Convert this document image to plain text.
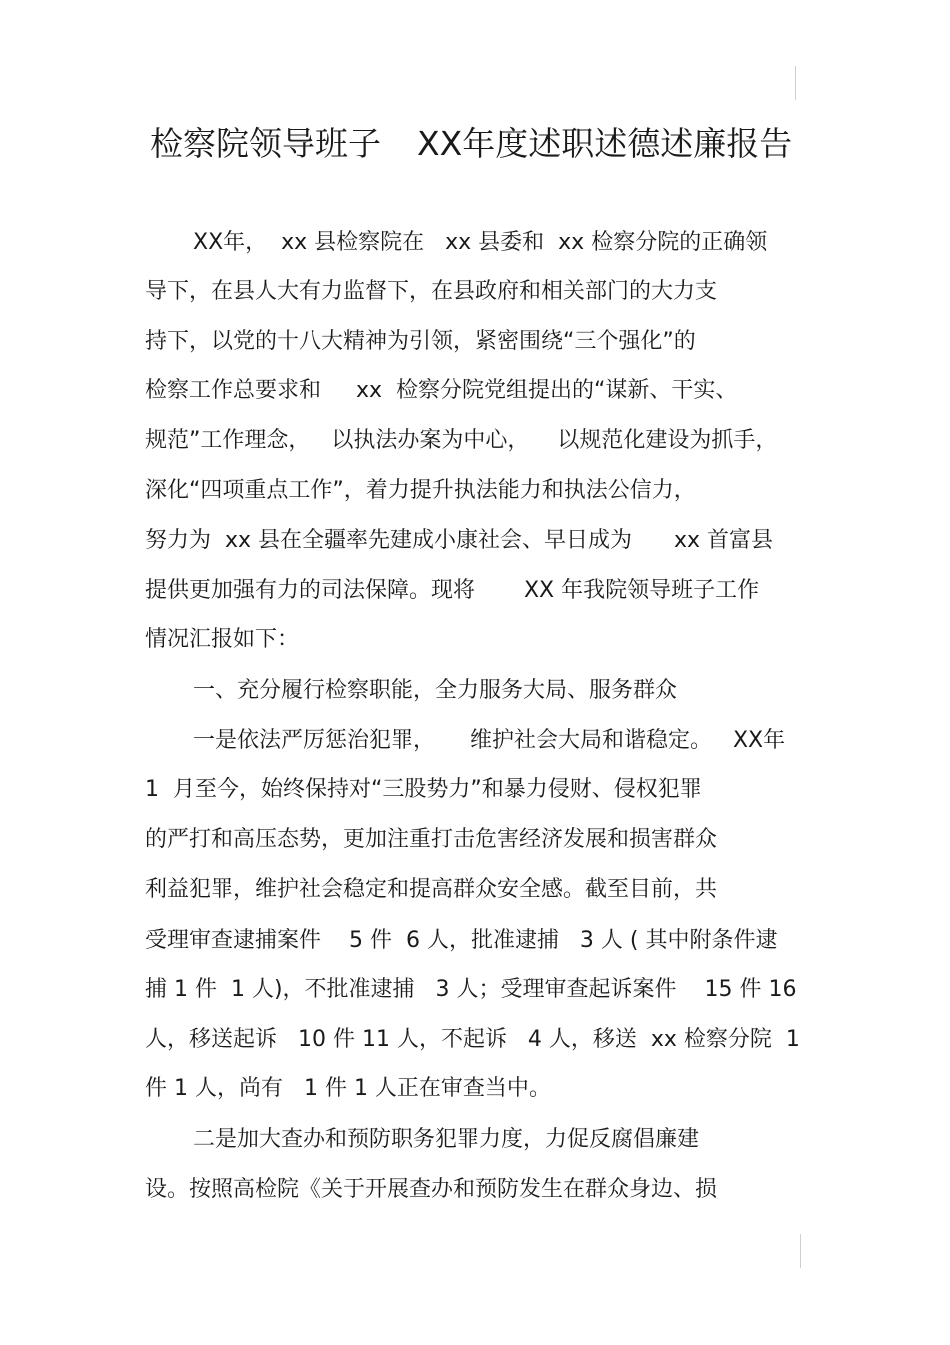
检察院领导班子 XX年度述职述德述廉报告

XX年，  xx 县检察院在   xx 县委和  xx 检察分院的正确领

导下，在县人大有力监督下，在县政府和相关部门的大力支

持下，以党的十八大精神为引领，紧密围绕“三个强化”的

检察工作总要求和     xx  检察分院党组提出的“谋新、干实、

规范”工作理念，   以执法办案为中心，    以规范化建设为抓手，

深化“四项重点工作”，着力提升执法能力和执法公信力，

努力为  xx 县在全疆率先建成小康社会、早日成为      xx 首富县

提供更加强有力的司法保障。现将       XX 年我院领导班子工作

情况汇报如下：

一、充分履行检察职能，全力服务大局、服务群众

一是依法严厉惩治犯罪，     维护社会大局和谐稳定。   XX年

1  月至今，始终保持对“三股势力”和暴力侵财、侵权犯罪

的严打和高压态势，更加注重打击危害经济发展和损害群众

利益犯罪，维护社会稳定和提高群众安全感。截至目前，共

受理审查逮捕案件    5 件  6 人，批准逮捕   3 人 ( 其中附条件逮

捕 1 件  1 人)，不批准逮捕   3 人；受理审查起诉案件    15 件 16

人，移送起诉   10 件 11 人，不起诉   4 人，移送  xx 检察分院  1

件 1 人，尚有   1 件 1 人正在审查当中。

二是加大查办和预防职务犯罪力度，力促反腐倡廉建

设。按照高检院《关于开展查办和预防发生在群众身边、损
